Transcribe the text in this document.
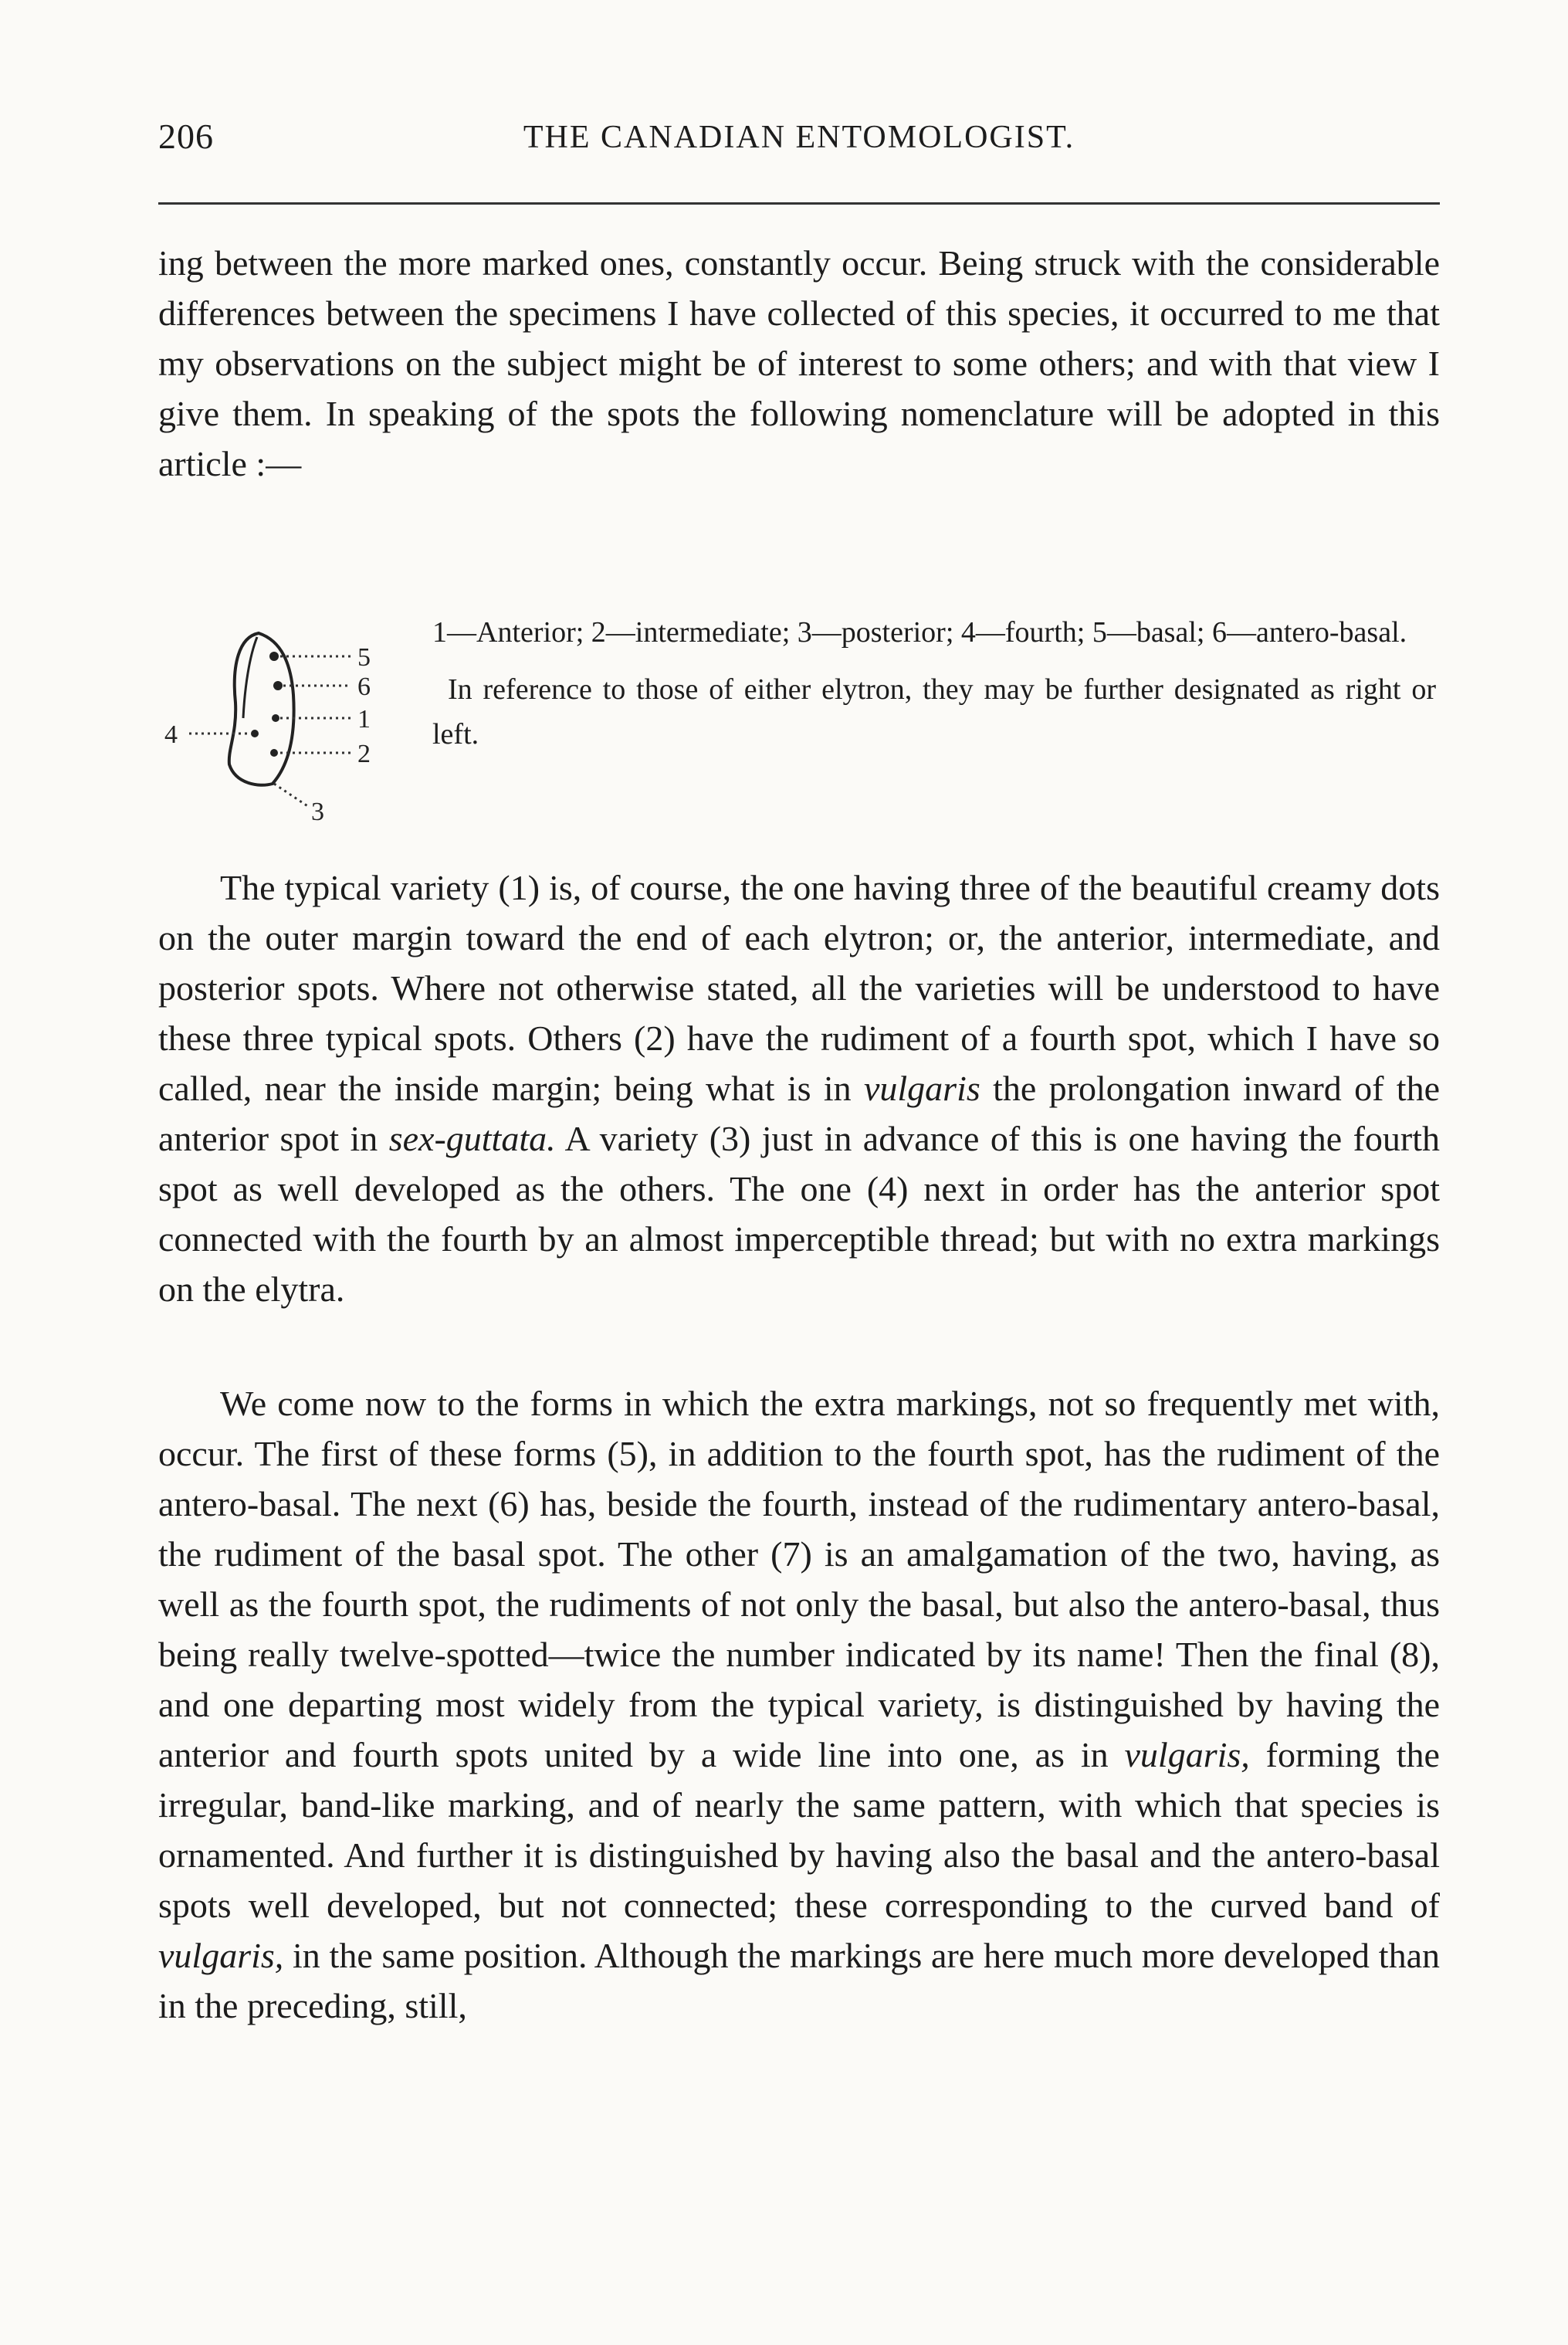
206	THE CANADIAN ENTOMOLOGIST.

ing between the more marked ones, constantly occur. Being struck with the considerable differences between the specimens I have collected of this species, it occurred to me that my observations on the subject might be of interest to some others; and with that view I give them. In speaking of the spots the following nomenclature will be adopted in this article :—

5
6
1
2
3
4

1—Anterior; 2—intermediate; 3—posterior; 4—fourth; 5—basal; 6—antero-basal.

In reference to those of either elytron, they may be further designated as right or left.

The typical variety (1) is, of course, the one having three of the beautiful creamy dots on the outer margin toward the end of each elytron; or, the anterior, intermediate, and posterior spots. Where not otherwise stated, all the varieties will be understood to have these three typical spots. Others (2) have the rudiment of a fourth spot, which I have so called, near the inside margin; being what is in vulgaris the prolongation inward of the anterior spot in sex-guttata. A variety (3) just in advance of this is one having the fourth spot as well developed as the others. The one (4) next in order has the anterior spot connected with the fourth by an almost imperceptible thread; but with no extra markings on the elytra.

We come now to the forms in which the extra markings, not so frequently met with, occur. The first of these forms (5), in addition to the fourth spot, has the rudiment of the antero-basal. The next (6) has, beside the fourth, instead of the rudimentary antero-basal, the rudiment of the basal spot. The other (7) is an amalgamation of the two, having, as well as the fourth spot, the rudiments of not only the basal, but also the antero-basal, thus being really twelve-spotted—twice the number indicated by its name! Then the final (8), and one departing most widely from the typical variety, is distinguished by having the anterior and fourth spots united by a wide line into one, as in vulgaris, forming the irregular, band-like marking, and of nearly the same pattern, with which that species is ornamented. And further it is distinguished by having also the basal and the antero-basal spots well developed, but not connected; these corresponding to the curved band of vulgaris, in the same position. Although the markings are here much more developed than in the preceding, still,
